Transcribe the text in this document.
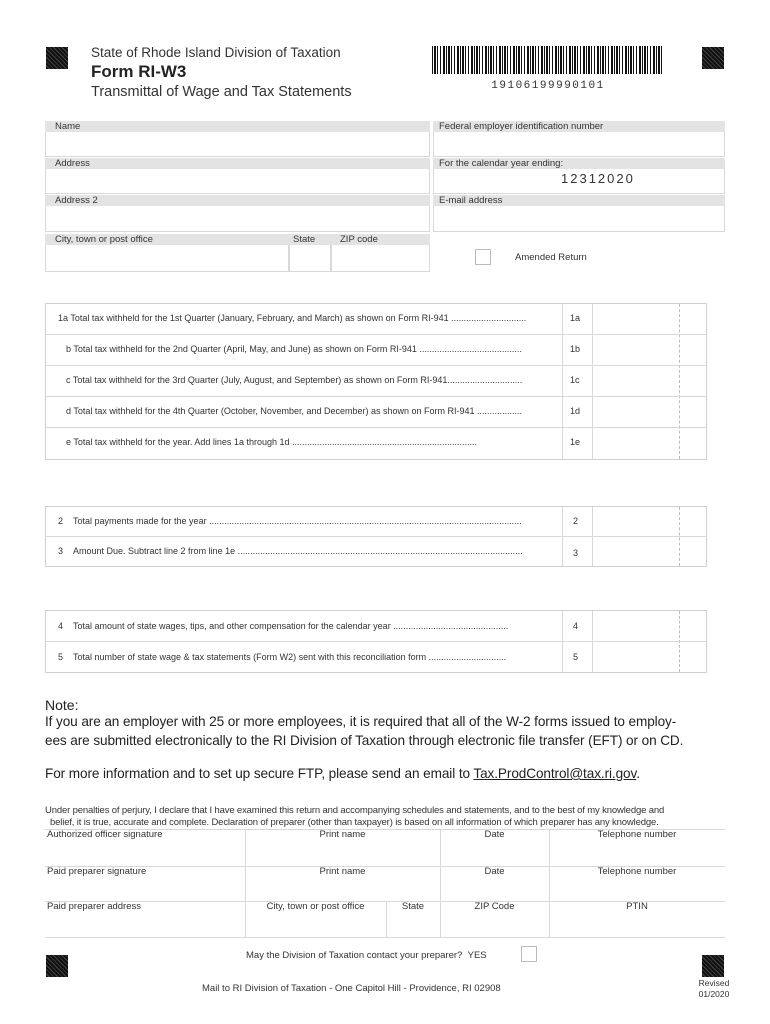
State of Rhode Island Division of Taxation
Form RI-W3
Transmittal of Wage and Tax Statements	19106199990101
Name	Federal employer identification number
Address	For the calendar year ending:
12312020
Address 2	E-mail address
City, town or post office	State	ZIP code
Amended Return
1a Total tax withheld for the 1st Quarter (January, February, and March) as shown on Form RI-941 ..............................	1a
b Total tax withheld for the 2nd Quarter (April, May, and June) as shown on Form RI-941 .........................................	1b
c Total tax withheld for the 3rd Quarter (July, August, and September) as shown on Form RI-941..............................	1c
d Total tax withheld for the 4th Quarter (October, November, and December) as shown on Form RI-941 ..................	1d
e Total tax withheld for the year. Add lines 1a through 1d ..........................................................................	1e
2 Total payments made for the year .............................................................................................................................	2
3 Amount Due. Subtract line 2 from line 1e ..................................................................................................................	3
4 Total amount of state wages, tips, and other compensation for the calendar year ..............................................	4
5 Total number of state wage & tax statements (Form W2) sent with this reconciliation form ...............................	5
Note:
If you are an employer with 25 or more employees, it is required that all of the W-2 forms issued to employ-
ees are submitted electronically to the RI Division of Taxation through electronic file transfer (EFT) or on CD.
For more information and to set up secure FTP, please send an email to Tax.ProdControl@tax.ri.gov.
Under penalties of perjury, I declare that I have examined this return and accompanying schedules and statements, and to the best of my knowledge and
belief, it is true, accurate and complete. Declaration of preparer (other than taxpayer) is based on all information of which preparer has any knowledge.
Authorized officer signature	Print name	Date	Telephone number
Paid preparer signature	Print name	Date	Telephone number
Paid preparer address	City, town or post office	State	ZIP Code	PTIN
May the Division of Taxation contact your preparer? YES
Mail to RI Division of Taxation - One Capitol Hill - Providence, RI 02908	Revised
01/2020
